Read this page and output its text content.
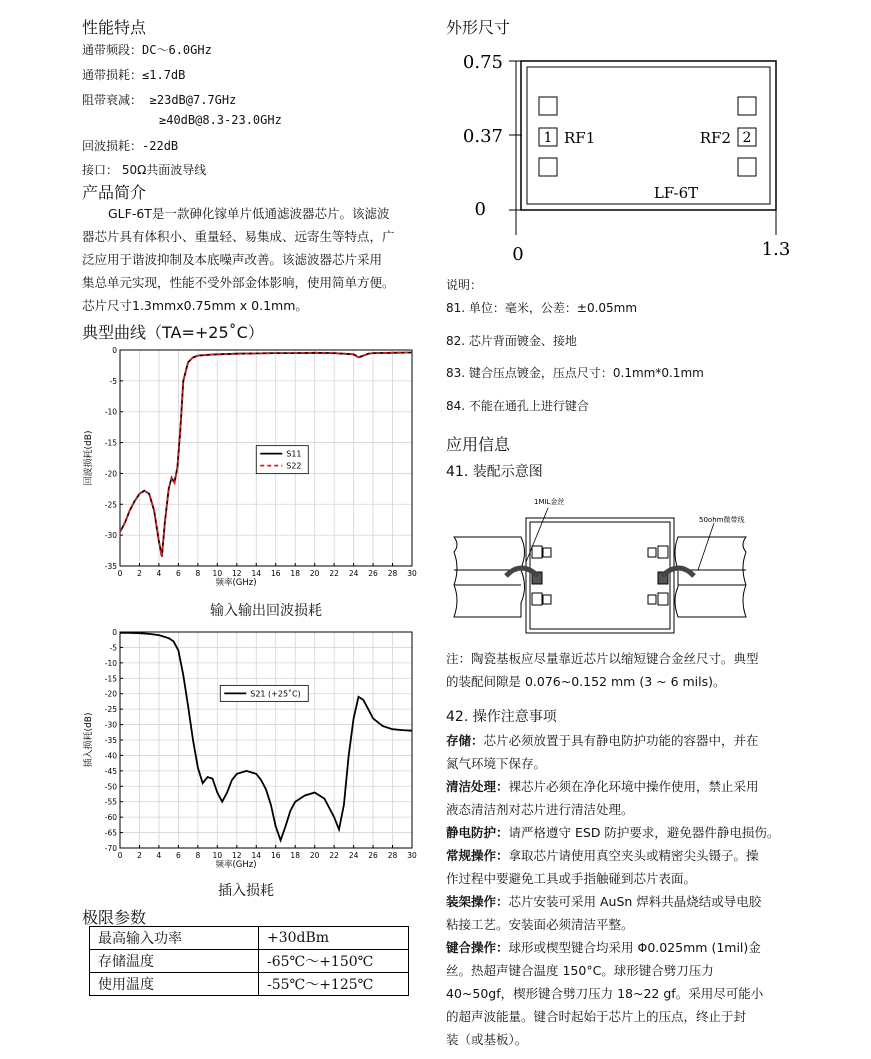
性能特点
通带频段：DC～6.0GHz
通带损耗：≤1.7dB
阻带衰减： ≥23dB@7.7GHz
≥40dB@8.3-23.0GHz
回波损耗：-22dB
接口： 50Ω共面波导线
产品简介
GLF-6T是一款砷化镓单片低通滤波器芯片。该滤波
器芯片具有体积小、重量轻、易集成、远寄生等特点，广
泛应用于谐波抑制及本底噪声改善。该滤波器芯片采用
集总单元实现，性能不受外部金体影响，使用简单方便。
芯片尺寸1.3mmx0.75mm x 0.1mm。
典型曲线（TA=+25˚C）
0 2 4 6 8 10 12 14 16 18 20 22 24 26 28 30
0
-5
-10
-15
-20
-25
-30
-35
频率(GHz)
回波损耗(dB)	S11
S22
输入输出回波损耗
0 2 4 6 8 10 12 14 16 18 20 22 24 26 28 30
0
-5
-10
-15
-20
-25
-30
-35
-40
-45
-50
-55
-60
-65
-70
频率(GHz)
插入损耗(dB)
S21 (+25˚C)
插入损耗
极限参数
最高输入功率	+30dBm
存储温度	-65℃～+150℃
使用温度	-55℃～+125℃
外形尺寸
0.75
0.37
0
0	1.3
1 RF1	2
RF2
LF-6T
说明：
81. 单位：毫米，公差：±0.05mm
82. 芯片背面镀金、接地
83. 键合压点镀金，压点尺寸：0.1mm*0.1mm
84. 不能在通孔上进行键合
应用信息
41. 装配示意图
1MIL金丝
50ohm微带线
注：陶瓷基板应尽量靠近芯片以缩短键合金丝尺寸。典型
的装配间隙是 0.076~0.152 mm (3 ~ 6 mils)。
42. 操作注意事项
存储：芯片必须放置于具有静电防护功能的容器中，并在
氮气环境下保存。
清洁处理：裸芯片必须在净化环境中操作使用，禁止采用
液态清洁剂对芯片进行清洁处理。
静电防护：请严格遵守 ESD 防护要求，避免器件静电损伤。
常规操作：拿取芯片请使用真空夹头或精密尖头镊子。操
作过程中要避免工具或手指触碰到芯片表面。
装架操作：芯片安装可采用 AuSn 焊料共晶烧结或导电胶
粘接工艺。安装面必须清洁平整。
键合操作：球形或楔型键合均采用 Φ0.025mm (1mil)金
丝。热超声键合温度 150°C。球形键合劈刀压力
40~50gf，楔形键合劈刀压力 18~22 gf。采用尽可能小
的超声波能量。键合时起始于芯片上的压点，终止于封
装（或基板）。
